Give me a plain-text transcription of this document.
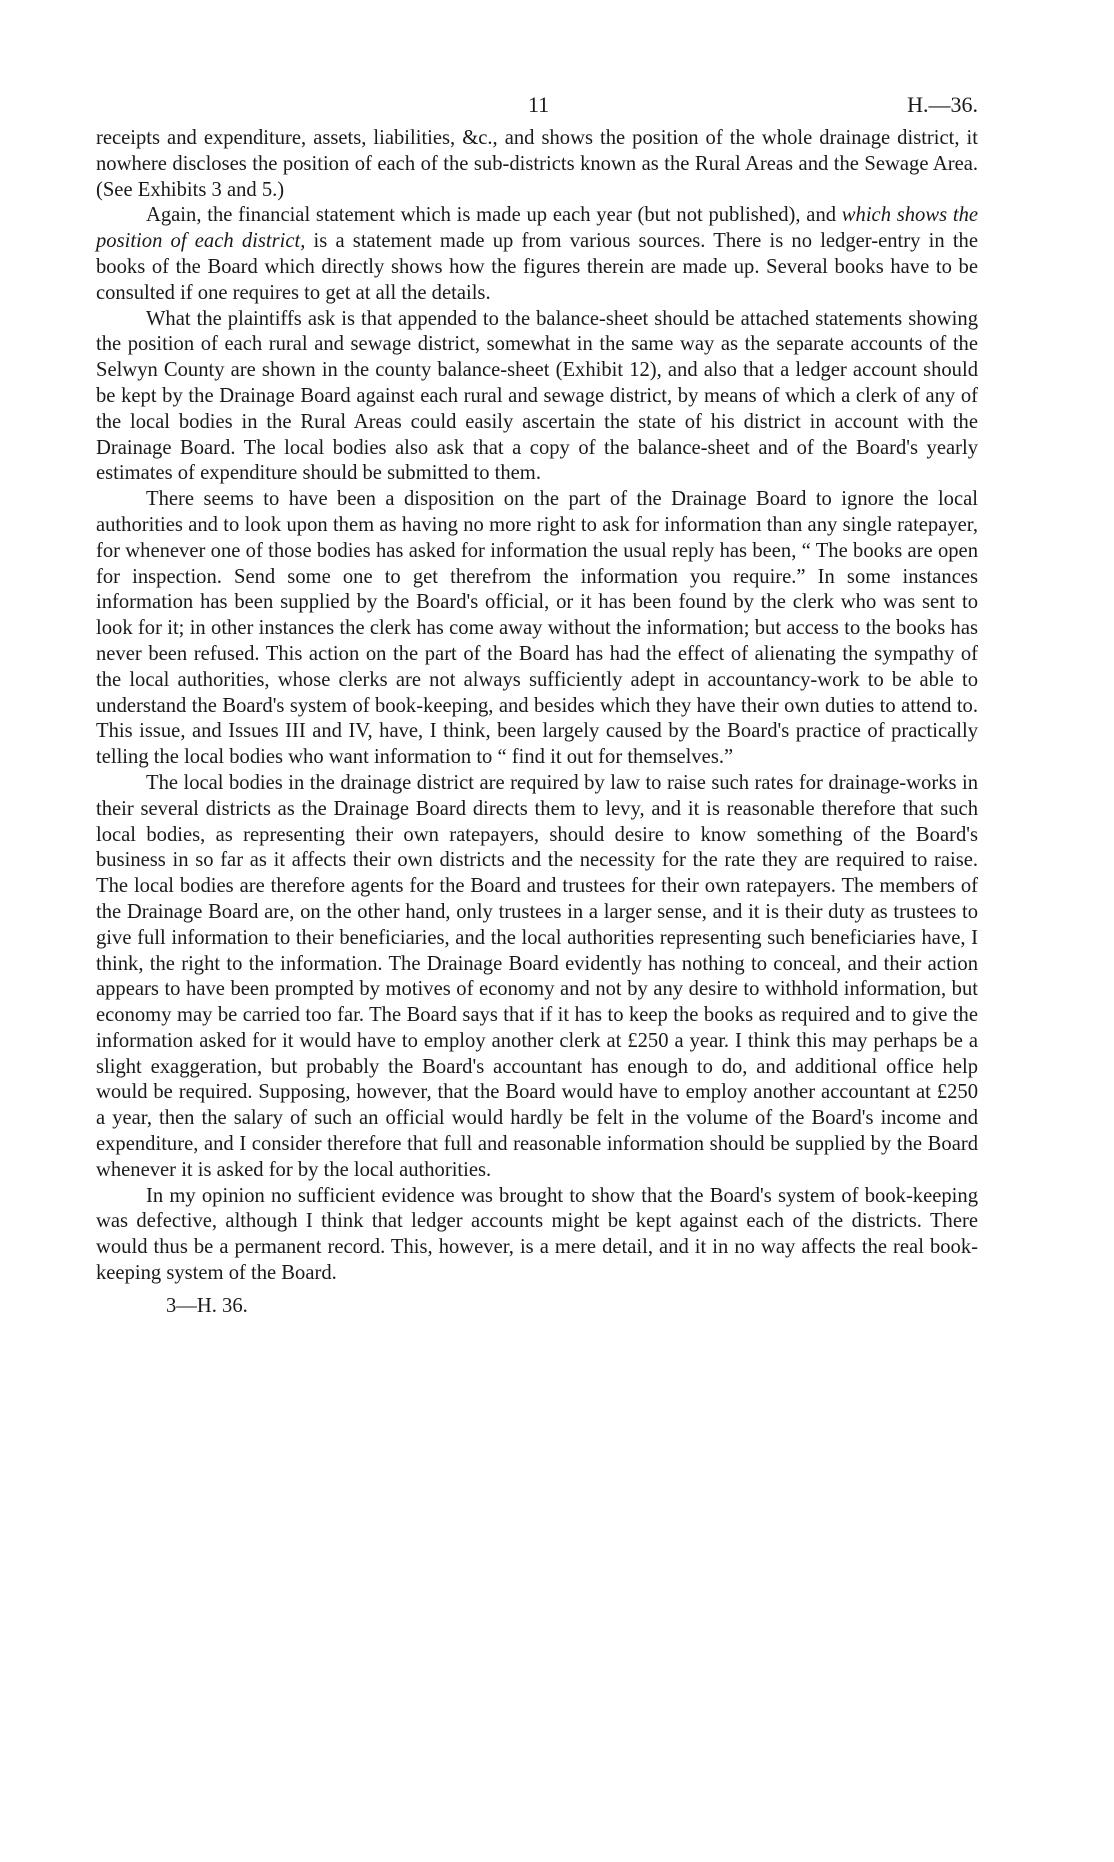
11	H.—36.

receipts and expenditure, assets, liabilities, &c., and shows the position of the whole drainage district, it nowhere discloses the position of each of the sub-districts known as the Rural Areas and the Sewage Area. (See Exhibits 3 and 5.)

Again, the financial statement which is made up each year (but not published), and which shows the position of each district, is a statement made up from various sources. There is no ledger-entry in the books of the Board which directly shows how the figures therein are made up. Several books have to be consulted if one requires to get at all the details.

What the plaintiffs ask is that appended to the balance-sheet should be attached statements showing the position of each rural and sewage district, somewhat in the same way as the separate accounts of the Selwyn County are shown in the county balance-sheet (Exhibit 12), and also that a ledger account should be kept by the Drainage Board against each rural and sewage district, by means of which a clerk of any of the local bodies in the Rural Areas could easily ascertain the state of his district in account with the Drainage Board. The local bodies also ask that a copy of the balance-sheet and of the Board's yearly estimates of expenditure should be submitted to them.

There seems to have been a disposition on the part of the Drainage Board to ignore the local authorities and to look upon them as having no more right to ask for information than any single ratepayer, for whenever one of those bodies has asked for information the usual reply has been, “ The books are open for inspection. Send some one to get therefrom the information you require.” In some instances information has been supplied by the Board's official, or it has been found by the clerk who was sent to look for it; in other instances the clerk has come away without the information; but access to the books has never been refused. This action on the part of the Board has had the effect of alienating the sympathy of the local authorities, whose clerks are not always sufficiently adept in accountancy-work to be able to understand the Board's system of book-keeping, and besides which they have their own duties to attend to. This issue, and Issues III and IV, have, I think, been largely caused by the Board's practice of practically telling the local bodies who want information to “ find it out for themselves.”

The local bodies in the drainage district are required by law to raise such rates for drainage-works in their several districts as the Drainage Board directs them to levy, and it is reasonable therefore that such local bodies, as representing their own ratepayers, should desire to know something of the Board's business in so far as it affects their own districts and the necessity for the rate they are required to raise. The local bodies are therefore agents for the Board and trustees for their own ratepayers. The members of the Drainage Board are, on the other hand, only trustees in a larger sense, and it is their duty as trustees to give full information to their beneficiaries, and the local authorities representing such beneficiaries have, I think, the right to the information. The Drainage Board evidently has nothing to conceal, and their action appears to have been prompted by motives of economy and not by any desire to withhold information, but economy may be carried too far. The Board says that if it has to keep the books as required and to give the information asked for it would have to employ another clerk at £250 a year. I think this may perhaps be a slight exaggeration, but probably the Board's accountant has enough to do, and additional office help would be required. Supposing, however, that the Board would have to employ another accountant at £250 a year, then the salary of such an official would hardly be felt in the volume of the Board's income and expenditure, and I consider therefore that full and reasonable information should be supplied by the Board whenever it is asked for by the local authorities.

In my opinion no sufficient evidence was brought to show that the Board's system of book-keeping was defective, although I think that ledger accounts might be kept against each of the districts. There would thus be a permanent record. This, however, is a mere detail, and it in no way affects the real book-keeping system of the Board.

3—H. 36.
